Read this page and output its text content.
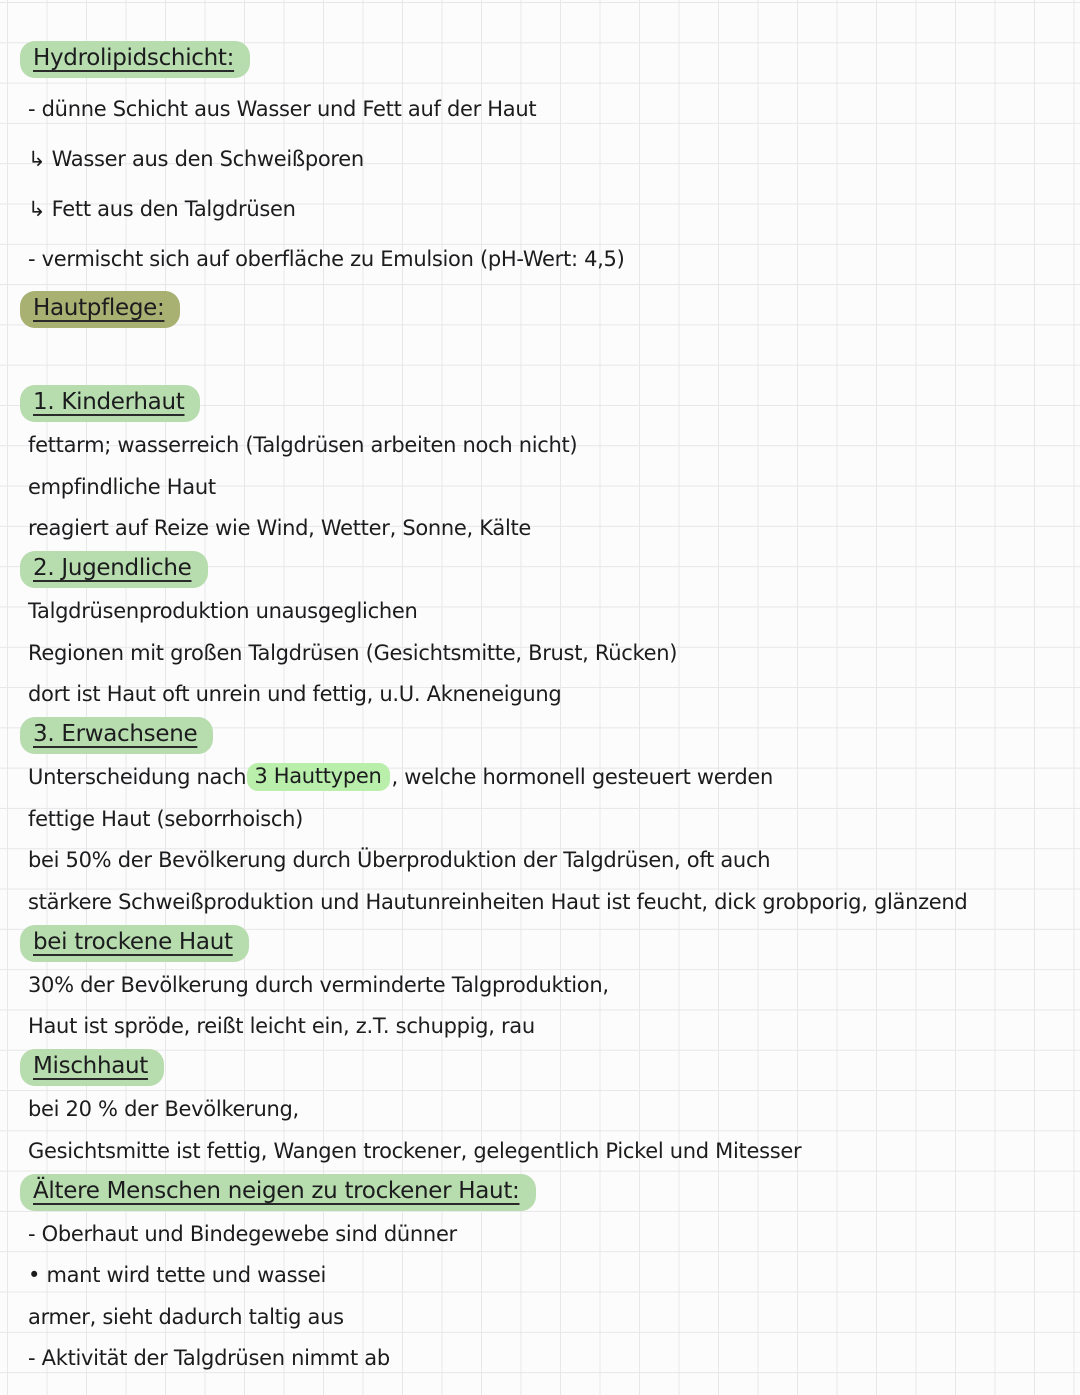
Hydrolipidschicht:
- dünne Schicht aus Wasser und Fett auf der Haut
↳ Wasser aus den Schweißporen
↳ Fett aus den Talgdrüsen
- vermischt sich auf oberfläche zu Emulsion (pH-Wert: 4,5)
Hautpflege:
1. Kinderhaut
fettarm; wasserreich (Talgdrüsen arbeiten noch nicht)
empfindliche Haut
reagiert auf Reize wie Wind, Wetter, Sonne, Kälte
2. Jugendliche
Talgdrüsenproduktion unausgeglichen
Regionen mit großen Talgdrüsen (Gesichtsmitte, Brust, Rücken)
dort ist Haut oft unrein und fettig, u.U. Akneneigung
3. Erwachsene
Unterscheidung nach 3 Hauttypen , welche hormonell gesteuert werden
fettige Haut (seborrhoisch)
bei 50% der Bevölkerung durch Überproduktion der Talgdrüsen, oft auch
stärkere Schweißproduktion und Hautunreinheiten Haut ist feucht, dick grobporig, glänzend
bei trockene Haut
30% der Bevölkerung durch verminderte Talgproduktion,
Haut ist spröde, reißt leicht ein, z.T. schuppig, rau
Mischhaut
bei 20 % der Bevölkerung,
Gesichtsmitte ist fettig, Wangen trockener, gelegentlich Pickel und Mitesser
Ältere Menschen neigen zu trockener Haut:
- Oberhaut und Bindegewebe sind dünner
• mant wird tette und wassei
armer, sieht dadurch taltig aus
- Aktivität der Talgdrüsen nimmt ab
